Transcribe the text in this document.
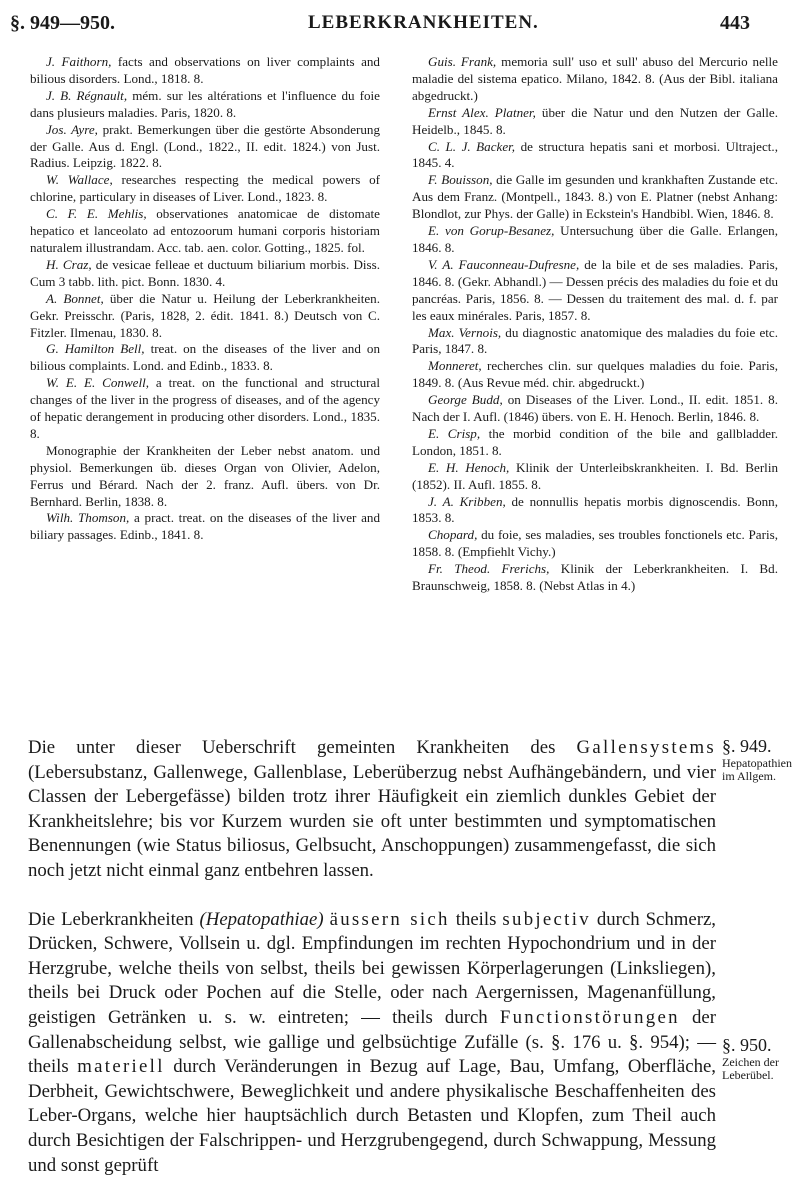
§. 949—950.	LEBERKRANKHEITEN.	443

J. Faithorn, facts and observations on liver complaints and bilious disorders. Lond., 1818. 8.

J. B. Régnault, mém. sur les altérations et l'influence du foie dans plusieurs maladies. Paris, 1820. 8.

Jos. Ayre, prakt. Bemerkungen über die gestörte Absonderung der Galle. Aus d. Engl. (Lond., 1822., II. edit. 1824.) von Just. Radius. Leipzig. 1822. 8.

W. Wallace, researches respecting the medical powers of chlorine, particulary in diseases of Liver. Lond., 1823. 8.

C. F. E. Mehlis, observationes anatomicae de distomate hepatico et lanceolato ad entozoorum humani corporis historiam naturalem illustrandam. Acc. tab. aen. color. Gotting., 1825. fol.

H. Craz, de vesicae felleae et ductuum biliarium morbis. Diss. Cum 3 tabb. lith. pict. Bonn. 1830. 4.

A. Bonnet, über die Natur u. Heilung der Leberkrankheiten. Gekr. Preisschr. (Paris, 1828, 2. édit. 1841. 8.) Deutsch von C. Fitzler. Ilmenau, 1830. 8.

G. Hamilton Bell, treat. on the diseases of the liver and on bilious complaints. Lond. and Edinb., 1833. 8.

W. E. E. Conwell, a treat. on the functional and structural changes of the liver in the progress of diseases, and of the agency of hepatic derangement in producing other disorders. Lond., 1835. 8.

Monographie der Krankheiten der Leber nebst anatom. und physiol. Bemerkungen üb. dieses Organ von Olivier, Adelon, Ferrus und Bérard. Nach der 2. franz. Aufl. übers. von Dr. Bernhard. Berlin, 1838. 8.

Wilh. Thomson, a pract. treat. on the diseases of the liver and biliary passages. Edinb., 1841. 8.

Guis. Frank, memoria sull' uso et sull' abuso del Mercurio nelle maladie del sistema epatico. Milano, 1842. 8. (Aus der Bibl. italiana abgedruckt.)

Ernst Alex. Platner, über die Natur und den Nutzen der Galle. Heidelb., 1845. 8.

C. L. J. Backer, de structura hepatis sani et morbosi. Ultraject., 1845. 4.

F. Bouisson, die Galle im gesunden und krankhaften Zustande etc. Aus dem Franz. (Montpell., 1843. 8.) von E. Platner (nebst Anhang: Blondlot, zur Phys. der Galle) in Eckstein's Handbibl. Wien, 1846. 8.

E. von Gorup-Besanez, Untersuchung über die Galle. Erlangen, 1846. 8.

V. A. Fauconneau-Dufresne, de la bile et de ses maladies. Paris, 1846. 8. (Gekr. Abhandl.) — Dessen précis des maladies du foie et du pancréas. Paris, 1856. 8. — Dessen du traitement des mal. d. f. par les eaux minérales. Paris, 1857. 8.

Max. Vernois, du diagnostic anatomique des maladies du foie etc. Paris, 1847. 8.

Monneret, recherches clin. sur quelques maladies du foie. Paris, 1849. 8. (Aus Revue méd. chir. abgedruckt.)

George Budd, on Diseases of the Liver. Lond., II. edit. 1851. 8. Nach der I. Aufl. (1846) übers. von E. H. Henoch. Berlin, 1846. 8.

E. Crisp, the morbid condition of the bile and gallbladder. London, 1851. 8.

E. H. Henoch, Klinik der Unterleibskrankheiten. I. Bd. Berlin (1852). II. Aufl. 1855. 8.

J. A. Kribben, de nonnullis hepatis morbis dignoscendis. Bonn, 1853. 8.

Chopard, du foie, ses maladies, ses troubles fonctionels etc. Paris, 1858. 8. (Empfiehlt Vichy.)

Fr. Theod. Frerichs, Klinik der Leberkrankheiten. I. Bd. Braunschweig, 1858. 8. (Nebst Atlas in 4.)

Die unter dieser Ueberschrift gemeinten Krankheiten des Gallensystems (Lebersubstanz, Gallenwege, Gallenblase, Leberüberzug nebst Aufhängebändern, und vier Classen der Lebergefässe) bilden trotz ihrer Häufigkeit ein ziemlich dunkles Gebiet der Krankheitslehre; bis vor Kurzem wurden sie oft unter bestimmten und symptomatischen Benennungen (wie Status biliosus, Gelbsucht, Anschoppungen) zusammengefasst, die sich noch jetzt nicht einmal ganz entbehren lassen.

Die Leberkrankheiten (Hepatopathiae) äussern sich theils subjectiv durch Schmerz, Drücken, Schwere, Vollsein u. dgl. Empfindungen im rechten Hypochondrium und in der Herzgrube, welche theils von selbst, theils bei gewissen Körperlagerungen (Linksliegen), theils bei Druck oder Pochen auf die Stelle, oder nach Aergernissen, Magenanfüllung, geistigen Getränken u. s. w. eintreten; — theils durch Functionstörungen der Gallenabscheidung selbst, wie gallige und gelbsüchtige Zufälle (s. §. 176 u. §. 954); — theils materiell durch Veränderungen in Bezug auf Lage, Bau, Umfang, Oberfläche, Derbheit, Gewichtschwere, Beweglichkeit und andere physikalische Beschaffenheiten des Leber-Organs, welche hier hauptsächlich durch Betasten und Klopfen, zum Theil auch durch Besichtigen der Falschrippen- und Herzgrubengegend, durch Schwappung, Messung und sonst geprüft

§. 949.
Hepatopathien im Allgem.
§. 950.
Zeichen der Leberübel.
